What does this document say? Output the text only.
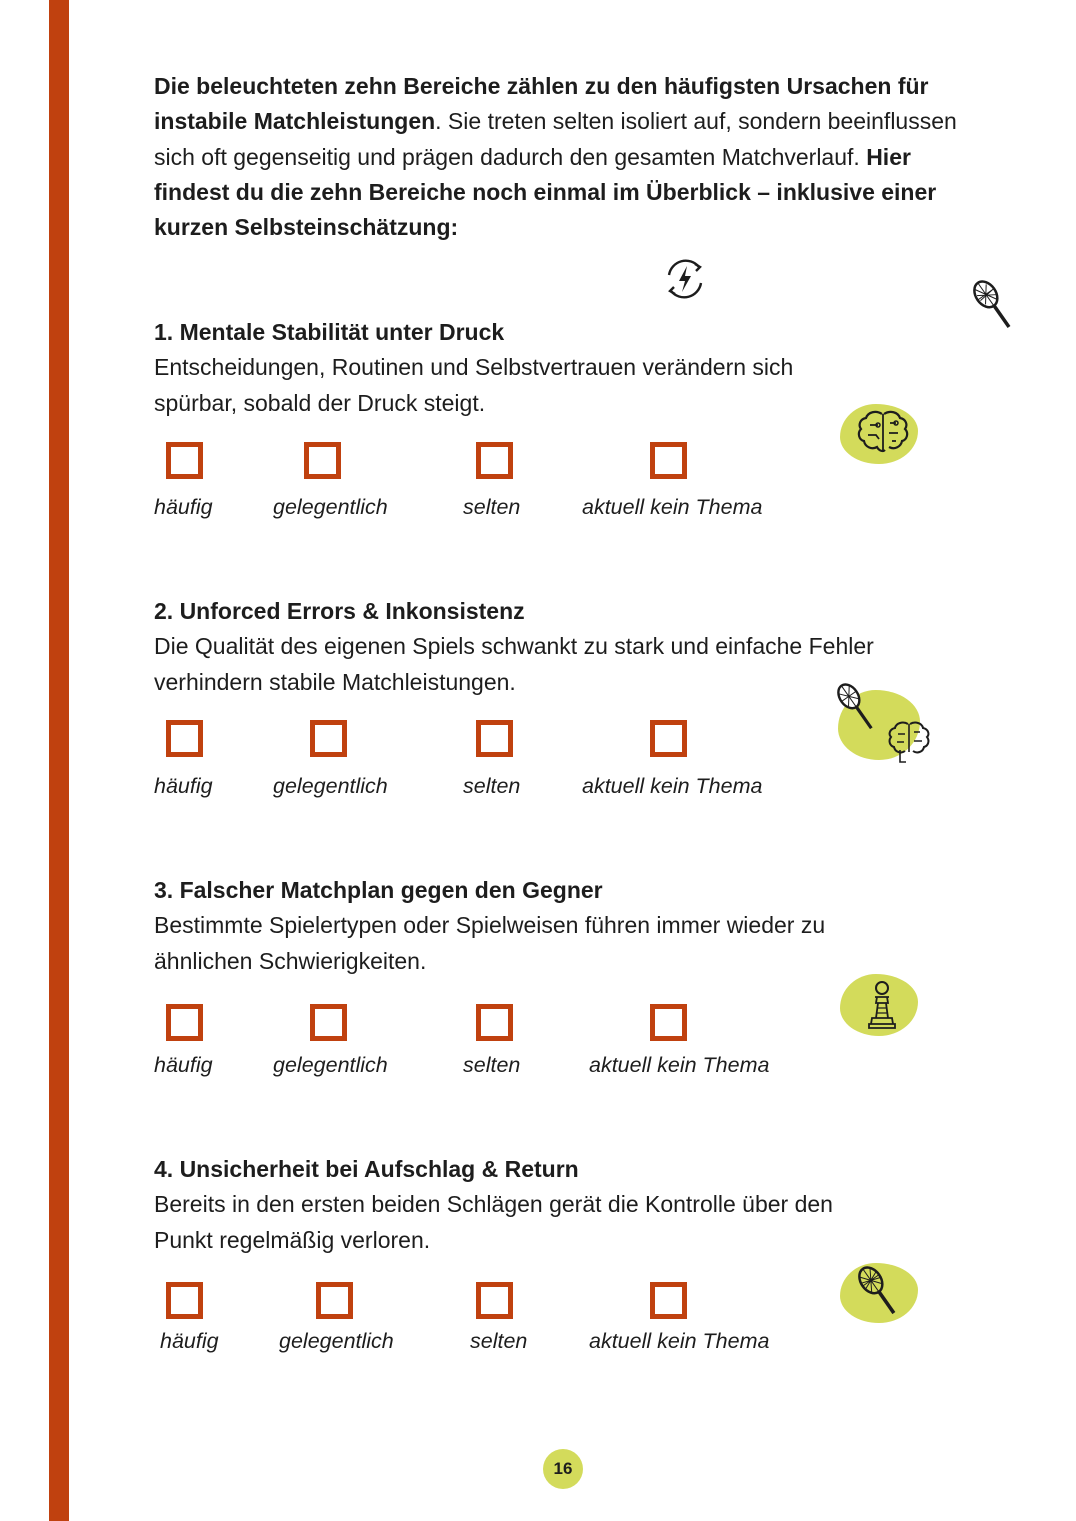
Die beleuchteten zehn Bereiche zählen zu den häufigsten Ursachen für instabile Matchleistungen. Sie treten selten isoliert auf, sondern beeinflussen sich oft gegenseitig und prägen dadurch den gesamten Matchverlauf. Hier findest du die zehn Bereiche noch einmal im Überblick – inklusive einer kurzen Selbsteinschätzung:

1. Mentale Stabilität unter Druck

Entscheidungen, Routinen und Selbstvertrauen verändern sich

spürbar, sobald der Druck steigt.

häufig	gelegentlich	selten	aktuell kein Thema
2. Unforced Errors & Inkonsistenz

Die Qualität des eigenen Spiels schwankt zu stark und einfache Fehler

verhindern stabile Matchleistungen.

häufig	gelegentlich	selten	aktuell kein Thema
3. Falscher Matchplan gegen den Gegner

Bestimmte Spielertypen oder Spielweisen führen immer wieder zu

ähnlichen Schwierigkeiten.

häufig	gelegentlich	selten	aktuell kein Thema
4. Unsicherheit bei Aufschlag & Return

Bereits in den ersten beiden Schlägen gerät die Kontrolle über den

Punkt regelmäßig verloren.

häufig	gelegentlich	selten	aktuell kein Thema
16
